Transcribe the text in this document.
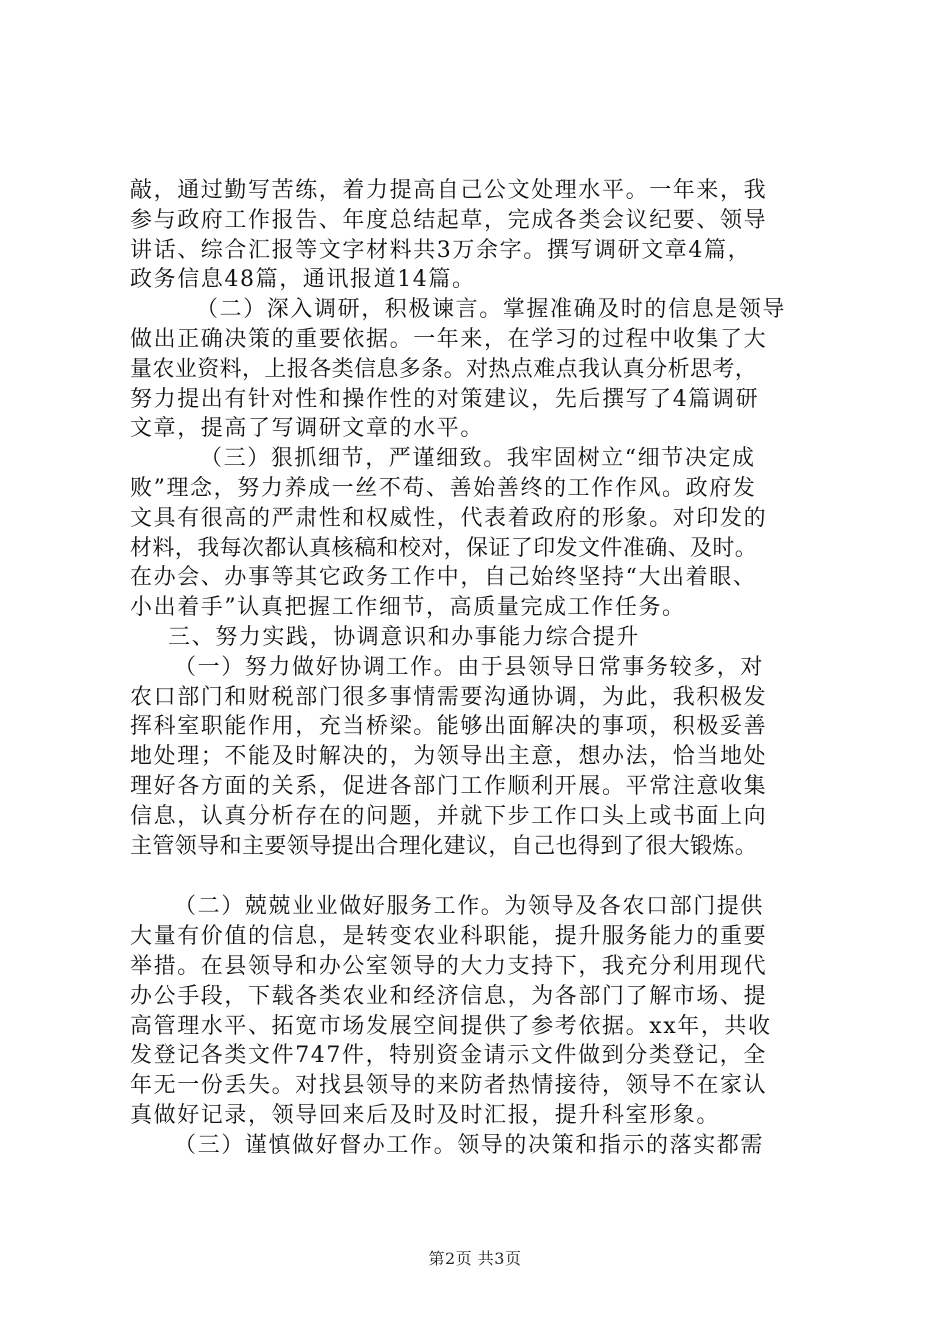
敲，通过勤写苦练，着力提高自己公文处理水平。一年来，我
参与政府工作报告、年度总结起草，完成各类会议纪要、领导
讲话、综合汇报等文字材料共3万余字。撰写调研文章4篇，
政务信息48篇，通讯报道14篇。
（二）深入调研，积极谏言。掌握准确及时的信息是领导
做出正确决策的重要依据。一年来，在学习的过程中收集了大
量农业资料，上报各类信息多条。对热点难点我认真分析思考，
努力提出有针对性和操作性的对策建议，先后撰写了4篇调研
文章，提高了写调研文章的水平。
（三）狠抓细节，严谨细致。我牢固树立“细节决定成
败”理念，努力养成一丝不苟、善始善终的工作作风。政府发
文具有很高的严肃性和权威性，代表着政府的形象。对印发的
材料，我每次都认真核稿和校对，保证了印发文件准确、及时。
在办会、办事等其它政务工作中，自己始终坚持“大出着眼、
小出着手”认真把握工作细节，高质量完成工作任务。
三、努力实践，协调意识和办事能力综合提升
（一）努力做好协调工作。由于县领导日常事务较多，对
农口部门和财税部门很多事情需要沟通协调，为此，我积极发
挥科室职能作用，充当桥梁。能够出面解决的事项，积极妥善
地处理；不能及时解决的，为领导出主意，想办法，恰当地处
理好各方面的关系，促进各部门工作顺利开展。平常注意收集
信息，认真分析存在的问题，并就下步工作口头上或书面上向
主管领导和主要领导提出合理化建议，自己也得到了很大锻炼。
（二）兢兢业业做好服务工作。为领导及各农口部门提供
大量有价值的信息，是转变农业科职能，提升服务能力的重要
举措。在县领导和办公室领导的大力支持下，我充分利用现代
办公手段，下载各类农业和经济信息，为各部门了解市场、提
高管理水平、拓宽市场发展空间提供了参考依据。xx年，共收
发登记各类文件747件，特别资金请示文件做到分类登记，全
年无一份丢失。对找县领导的来防者热情接待，领导不在家认
真做好记录，领导回来后及时及时汇报，提升科室形象。
（三）谨慎做好督办工作。领导的决策和指示的落实都需
第2页 共3页
